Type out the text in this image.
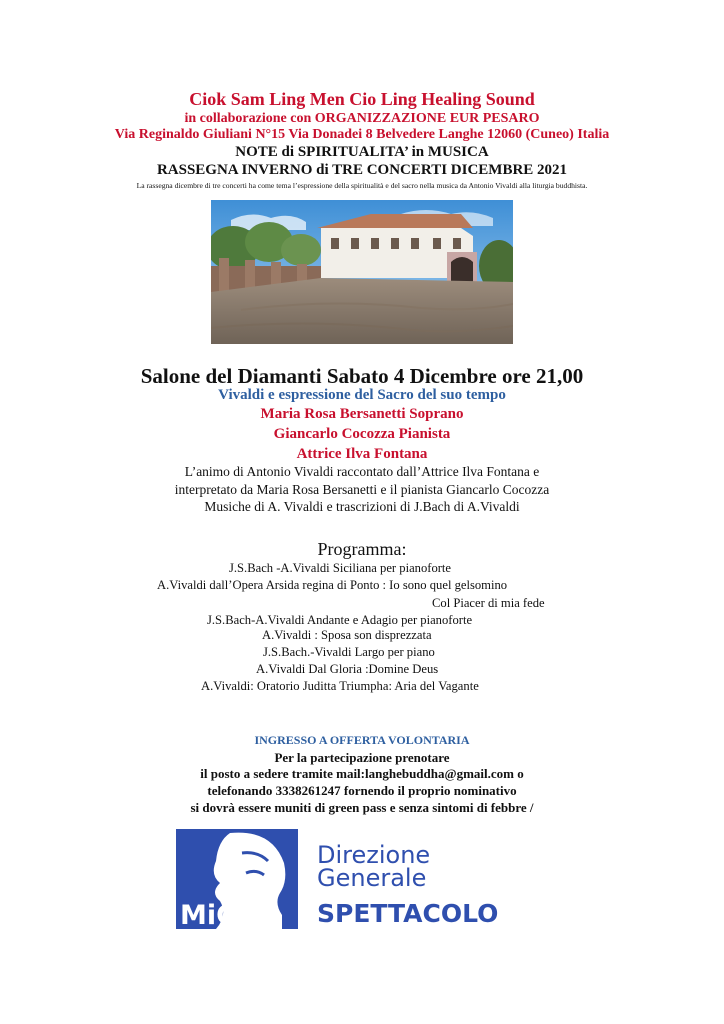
Ciok Sam Ling Men Cio Ling Healing Sound

in collaborazione con ORGANIZZAZIONE EUR PESARO

Via Reginaldo Giuliani N°15 Via Donadei 8 Belvedere Langhe 12060 (Cuneo) Italia

NOTE di SPIRITUALITA’ in MUSICA

RASSEGNA INVERNO di TRE CONCERTI DICEMBRE 2021

La rassegna dicembre di tre concerti ha come tema l’espressione della spiritualità e del sacro nella musica da Antonio Vivaldi alla liturgia buddhista.

Salone del Diamanti Sabato 4 Dicembre ore 21,00

Vivaldi e espressione del Sacro del suo tempo

Maria Rosa Bersanetti Soprano

Giancarlo Cocozza Pianista

Attrice Ilva Fontana

L’animo di Antonio Vivaldi raccontato dall’Attrice Ilva Fontana e

interpretato da Maria Rosa Bersanetti e il pianista Giancarlo Cocozza

Musiche di A. Vivaldi e trascrizioni di J.Bach di A.Vivaldi

Programma:

J.S.Bach -A.Vivaldi Siciliana per pianoforte

A.Vivaldi dall’Opera Arsida regina di Ponto : Io sono quel gelsomino

Col Piacer di mia fede

J.S.Bach-A.Vivaldi Andante e Adagio per pianoforte

A.Vivaldi : Sposa son disprezzata

J.S.Bach.-Vivaldi Largo per piano

A.Vivaldi Dal Gloria :Domine Deus

A.Vivaldi: Oratorio Juditta Triumpha: Aria del Vagante

INGRESSO A OFFERTA VOLONTARIA

Per la partecipazione prenotare

il posto a sedere tramite mail:langhebuddha@gmail.com o

telefonando 3338261247 fornendo il proprio nominativo

si dovrà essere muniti di green pass e senza sintomi di febbre /

MiC
Direzione
Generale
SPETTACOLO
